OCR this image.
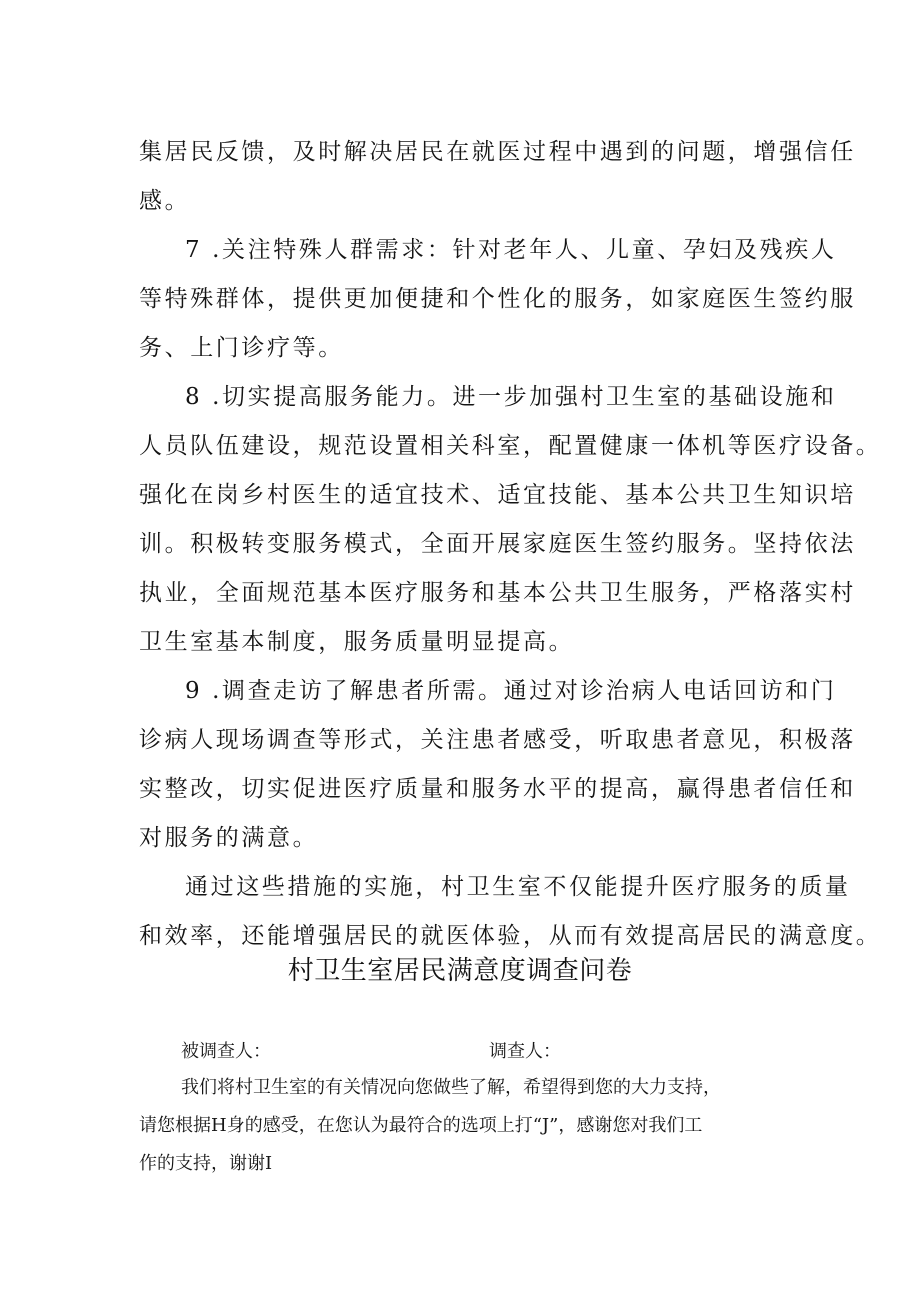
集居民反馈，及时解决居民在就医过程中遇到的问题，增强信任
感。
7 .关注特殊人群需求：针对老年人、儿童、孕妇及残疾人
等特殊群体，提供更加便捷和个性化的服务，如家庭医生签约服
务、上门诊疗等。
8 .切实提高服务能力。进一步加强村卫生室的基础设施和
人员队伍建设，规范设置相关科室，配置健康一体机等医疗设备。
强化在岗乡村医生的适宜技术、适宜技能、基本公共卫生知识培
训。积极转变服务模式，全面开展家庭医生签约服务。坚持依法
执业，全面规范基本医疗服务和基本公共卫生服务，严格落实村
卫生室基本制度，服务质量明显提高。
9 .调查走访了解患者所需。通过对诊治病人电话回访和门
诊病人现场调查等形式，关注患者感受，听取患者意见，积极落
实整改，切实促进医疗质量和服务水平的提高，赢得患者信任和
对服务的满意。
通过这些措施的实施，村卫生室不仅能提升医疗服务的质量
和效率，还能增强居民的就医体验，从而有效提高居民的满意度。
村卫生室居民满意度调查问卷
被调查人：	调查人：
我们将村卫生室的有关情况向您做些了解，希望得到您的大力支持，
请您根据H身的感受，在您认为最符合的选项上打“J”，感谢您对我们工
作的支持，谢谢I
